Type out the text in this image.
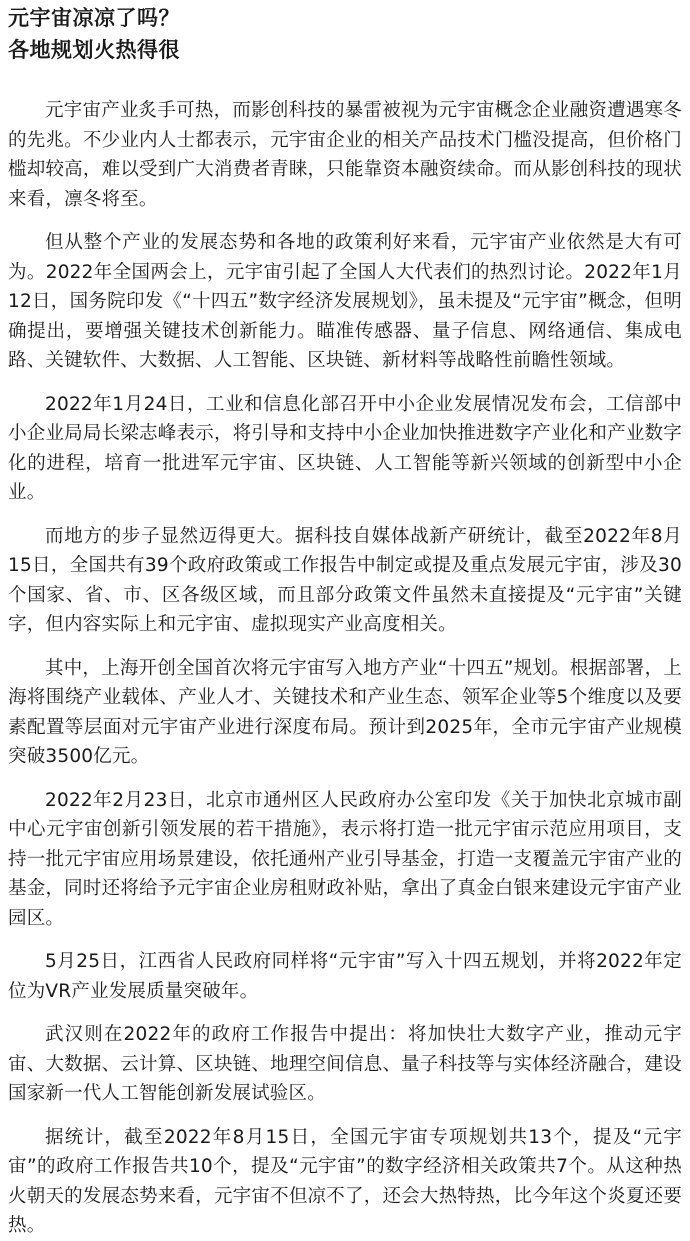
元宇宙凉凉了吗？
各地规划火热得很

元宇宙产业炙手可热，而影创科技的暴雷被视为元宇宙概念企业融资遭遇寒冬的先兆。不少业内人士都表示，元宇宙企业的相关产品技术门槛没提高，但价格门槛却较高，难以受到广大消费者青睐，只能靠资本融资续命。而从影创科技的现状来看，凛冬将至。

但从整个产业的发展态势和各地的政策利好来看，元宇宙产业依然是大有可为。2022年全国两会上，元宇宙引起了全国人大代表们的热烈讨论。2022年1月12日，国务院印发《“十四五”数字经济发展规划》，虽未提及“元宇宙”概念，但明确提出，要增强关键技术创新能力。瞄准传感器、量子信息、网络通信、集成电路、关键软件、大数据、人工智能、区块链、新材料等战略性前瞻性领域。

2022年1月24日，工业和信息化部召开中小企业发展情况发布会，工信部中小企业局局长梁志峰表示，将引导和支持中小企业加快推进数字产业化和产业数字化的进程，培育一批进军元宇宙、区块链、人工智能等新兴领域的创新型中小企业。

而地方的步子显然迈得更大。据科技自媒体战新产研统计，截至2022年8月15日，全国共有39个政府政策或工作报告中制定或提及重点发展元宇宙，涉及30个国家、省、市、区各级区域，而且部分政策文件虽然未直接提及“元宇宙”关键字，但内容实际上和元宇宙、虚拟现实产业高度相关。

其中，上海开创全国首次将元宇宙写入地方产业“十四五”规划。根据部署，上海将围绕产业载体、产业人才、关键技术和产业生态、领军企业等5个维度以及要素配置等层面对元宇宙产业进行深度布局。预计到2025年，全市元宇宙产业规模突破3500亿元。

2022年2月23日，北京市通州区人民政府办公室印发《关于加快北京城市副中心元宇宙创新引领发展的若干措施》，表示将打造一批元宇宙示范应用项目，支持一批元宇宙应用场景建设，依托通州产业引导基金，打造一支覆盖元宇宙产业的基金，同时还将给予元宇宙企业房租财政补贴，拿出了真金白银来建设元宇宙产业园区。

5月25日，江西省人民政府同样将“元宇宙”写入十四五规划，并将2022年定位为VR产业发展质量突破年。

武汉则在2022年的政府工作报告中提出：将加快壮大数字产业，推动元宇宙、大数据、云计算、区块链、地理空间信息、量子科技等与实体经济融合，建设国家新一代人工智能创新发展试验区。

据统计，截至2022年8月15日，全国元宇宙专项规划共13个，提及“元宇宙”的政府工作报告共10个，提及“元宇宙”的数字经济相关政策共7个。从这种热火朝天的发展态势来看，元宇宙不但凉不了，还会大热特热，比今年这个炎夏还要热。
